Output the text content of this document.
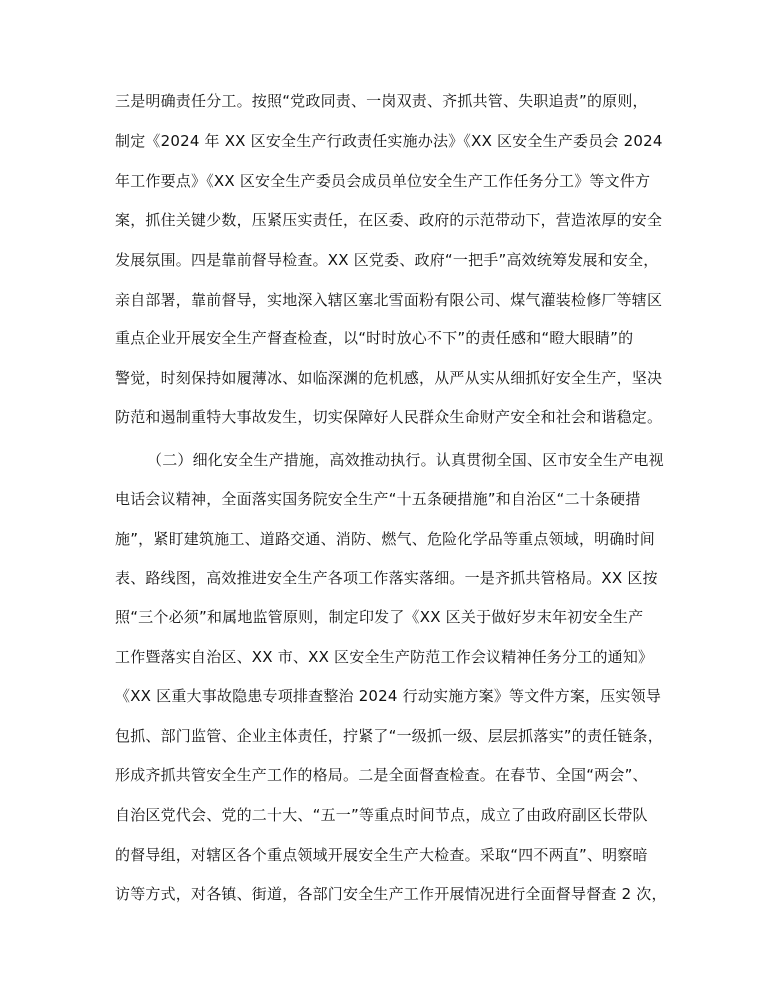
三是明确责任分工。按照“党政同责、一岗双责、齐抓共管、失职追责”的原则，
制定《2024 年 XX 区安全生产行政责任实施办法》《XX 区安全生产委员会 2024
年工作要点》《XX 区安全生产委员会成员单位安全生产工作任务分工》等文件方
案，抓住关键少数，压紧压实责任，在区委、政府的示范带动下，营造浓厚的安全
发展氛围。四是靠前督导检查。XX 区党委、政府“一把手”高效统筹发展和安全，
亲自部署，靠前督导，实地深入辖区塞北雪面粉有限公司、煤气灌装检修厂等辖区
重点企业开展安全生产督查检查，以“时时放心不下”的责任感和“瞪大眼睛”的
警觉，时刻保持如履薄冰、如临深渊的危机感，从严从实从细抓好安全生产，坚决
防范和遏制重特大事故发生，切实保障好人民群众生命财产安全和社会和谐稳定。
（二）细化安全生产措施，高效推动执行。认真贯彻全国、区市安全生产电视
电话会议精神，全面落实国务院安全生产“十五条硬措施”和自治区“二十条硬措
施”，紧盯建筑施工、道路交通、消防、燃气、危险化学品等重点领域，明确时间
表、路线图，高效推进安全生产各项工作落实落细。一是齐抓共管格局。XX 区按
照“三个必须”和属地监管原则，制定印发了《XX 区关于做好岁末年初安全生产
工作暨落实自治区、XX 市、XX 区安全生产防范工作会议精神任务分工的通知》
《XX 区重大事故隐患专项排查整治 2024 行动实施方案》等文件方案，压实领导
包抓、部门监管、企业主体责任，拧紧了“一级抓一级、层层抓落实”的责任链条，
形成齐抓共管安全生产工作的格局。二是全面督查检查。在春节、全国“两会”、
自治区党代会、党的二十大、“五一”等重点时间节点，成立了由政府副区长带队
的督导组，对辖区各个重点领域开展安全生产大检查。采取“四不两直”、明察暗
访等方式，对各镇、街道，各部门安全生产工作开展情况进行全面督导督查 2 次，
